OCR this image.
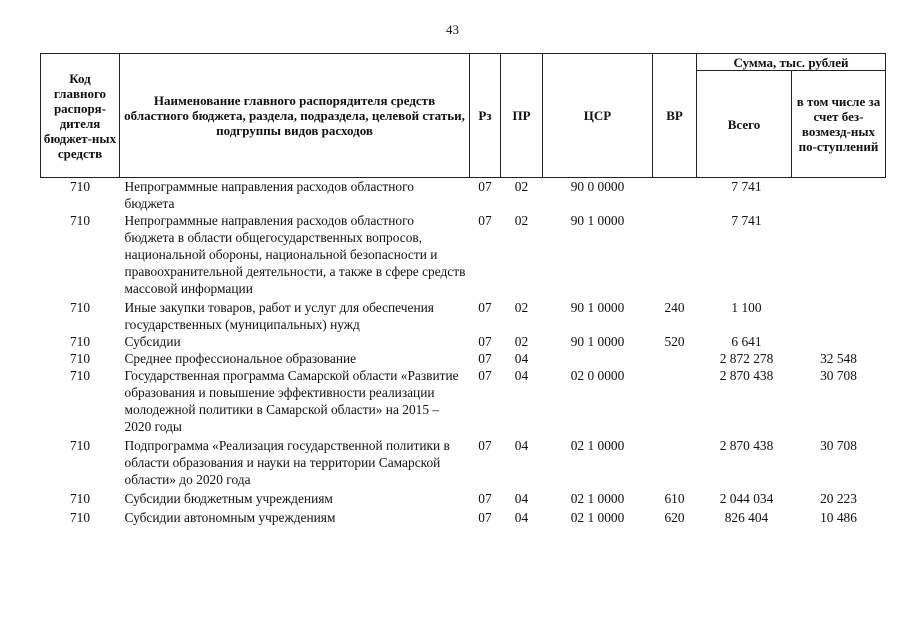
43
Код главного распоря-дителя бюджет-ных средств	Наименование главного распорядителя средств областного бюджета, раздела, подраздела, целевой статьи, подгруппы видов расходов	Рз	ПР	ЦСР	ВР	Сумма, тыс. рублей	
						Всего	в том числе за счет без-возмезд-ных по-ступлений
710	Непрограммные направления расходов областного бюджета	07	02	90 0 0000		7 741	
710	Непрограммные направления расходов областного бюджета в области общегосударственных вопросов, национальной обороны, национальной безопасности и правоохранительной деятельности, а также в сфере средств массовой информации	07	02	90 1 0000		7 741	
710	Иные закупки товаров, работ и услуг для обеспечения государственных (муниципальных) нужд	07	02	90 1 0000	240	1 100	
710	Субсидии	07	02	90 1 0000	520	6 641	
710	Среднее профессиональное образование	07	04			2 872 278	32 548
710	Государственная программа Самарской области «Развитие образования и повышение эффективности реализации молодежной политики в Самарской области» на 2015 – 2020 годы	07	04	02 0 0000		2 870 438	30 708
710	Подпрограмма «Реализация государственной политики в области образования и науки на территории Самарской области» до 2020 года	07	04	02 1 0000		2 870 438	30 708
710	Субсидии бюджетным учреждениям	07	04	02 1 0000	610	2 044 034	20 223
710	Субсидии автономным учреждениям	07	04	02 1 0000	620	826 404	10 486
